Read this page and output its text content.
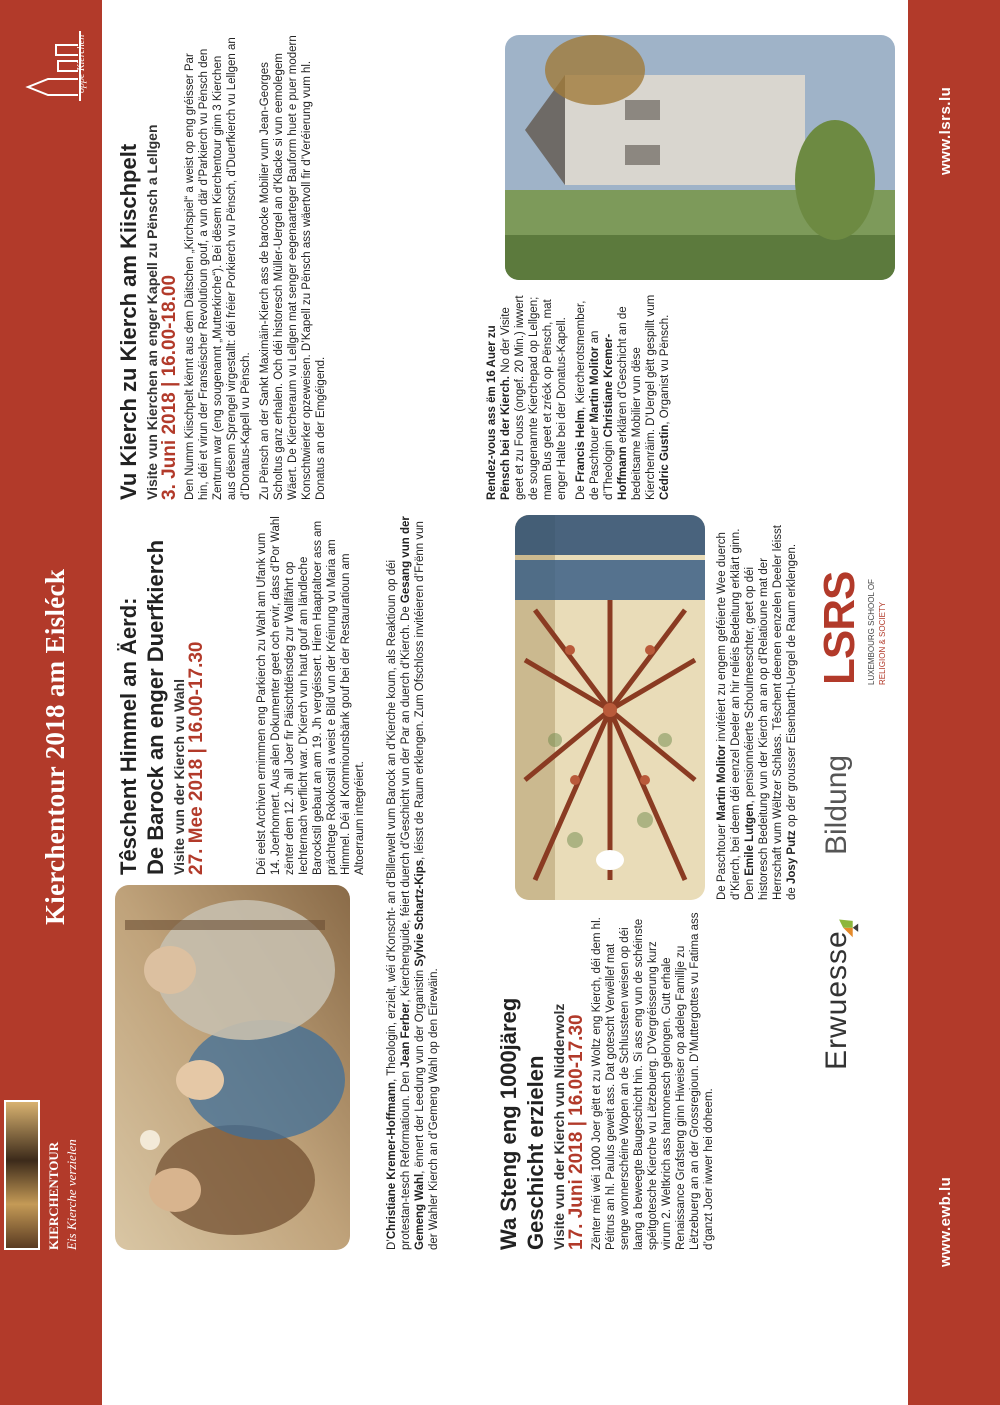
KIERCHENTOUR Eis Kierche verzielen
Kierchentour 2018 am Eisléck
oppe Kierchen
www.ewb.lu
www.lsrs.lu
Têschent Himmel an Äerd: De Barock an enger Duerfkierch Visite vun der Kierch vu Wahl 27. Mee 2018 | 16.00-17.30	Déi eelst Archiven ernimmen eng Parkierch zu Wahl am Ufank vum 14. Joerhonnert. Aus alen Dokumenter geet och ervir, dass d’Por Wahl zënter dem 12. Jh all Joer fir Päischtdënsdeg zur Wallfährt op Iechternach verflicht war. D’Kierch vun haut gouf am ländleche Barockstil gebaut an am 19. Jh vergéissert. Hiren Haaptaltoer ass am prächtege Rokokostil a weist e Bild vun der Kréinung vu Maria am Himmel. Déi al Kommiounsbänk gouf bei der Restauratioun am Altoerraum integréiert.

D’Christiane Kremer-Hoffmann, Theologin, erzielt, wéi d’Konscht- an d’Billerwelt vum Barock an d’Kierche koum, als Reaktioun op déi protestan-tesch Reformatioun. Den Jean Ferber, Kierchenguide, féiert duerch d’Geschicht vun der Par an duerch d’Kierch. De Gesang vun der Gemeng Wahl, ënnert der Leedung vun der Organistin Sylvie Schartz-Kips, léisst de Raum erklengen. Zum Ofschloss invitéieren d’Frënn vun der Wahler Kierch an d’Gemeng Wahl op den Eirewäin.	Wa Steng eng 1000järeg Geschicht erzielen Visite vun der Kierch vun Nidderwolz 17. Juni 2018 | 16.00-17.30 Zënter méi wéi 1000 Joer gëtt et zu Woltz eng Kierch, déi dem hl. Péitrus an hl. Paulus geweit ass. Dat gotescht Verwëllef mat senge wonnerschéine Wopen an de Schlussteen weisen op déi laang a beweegte Baugeschicht hin. Si ass eng vun de schéinste spéitgotesche Kierche vu Lëtzebuerg. D’Vergréisserung kurz virum 2. Weltkrich ass harmonesch gelongen. Gutt erhale Renaissance Grafsteng ginn Hiweiser op adeleg Famillje zu Lëtzebuerg an an der Grossregioun. D’Muttergottes vu Fatima ass d’ganzt Joer iwwer hei doheem.

De Paschtouer Martin Molitor invitéiert zu engem geféierte Wee duerch d’Kierch, bei deem déi eenzel Deeler an hir reliéis Bedeitung erklärt ginn. Den Emile Lutgen, pensionnéierte Schoulmeeschter, geet op déi historesch Bedeitung vun der Kierch an an op d’Relatioune mat der Herrschaft vum Wëltzer Schlass. Têschent deenen eenzelen Deeler léisst de Josy Putz op der grousser Eisenbarth-Uergel de Raum erklengen.

Erwuesse
Bildung
LSRS LUXEMBOURG SCHOOL OF RELIGION & SOCIETY
Vu Kierch zu Kierch am Kiischpelt Visite vun Kierchen an enger Kapell zu Pënsch a Lellgen 3. Juni 2018 | 16.00-18.00 Den Numm Kiischpelt kënnt aus dem Däitschen „Kirchspiel“ a weist op eng gréisser Par hin, déi et virun der Franséischer Revolutioun gouf, a vun där d’Parkierch vu Pënsch den Zentrum war (eng sougenannt „Mutterkirche“). Bei dësem Kierchentour ginn 3 Kierchen aus dësem Sprengel virgestallt: déi fréier Porkierch vu Pënsch, d’Duerfkierch vu Lellgen an d’Donatus-Kapell vu Pënsch. Zu Pënsch an der Sankt Maximäin-Kierch ass de barocke Mobilier vum Jean-Georges Scholtus ganz erhalen. Och déi historesch Müller-Uergel an d’Klacke si vun eemolegem Wäert. De Kiercheraum vu Lellgen mat senger eegenaarteger Bauform huet e puer modern Konschtwierker opzeweisen. D’Kapell zu Pënsch ass wäertvoll fir d’Veréierung vum hl. Donatus an der Emgéigend.	Rendez-vous ass ëm 16 Auer zu Pënsch bei der Kierch. No der Visite geet et zu Fouss (ongef. 20 Min.) iwwert de sougenannte Kierchepad op Lellgen; mam Bus geet et zréck op Pënsch, mat enger Halte bei der Donatus-Kapell. De Francis Helm, Kiercherotsmember, de Paschtouer Martin Molitor an d’Theologin Christiane Kremer-Hoffmann erklären d’Geschicht an de bedeitsame Mobilier vun dëse Kierchenräim. D’Uergel gëtt gespillt vum Cédric Gustin, Organist vu Pënsch.
